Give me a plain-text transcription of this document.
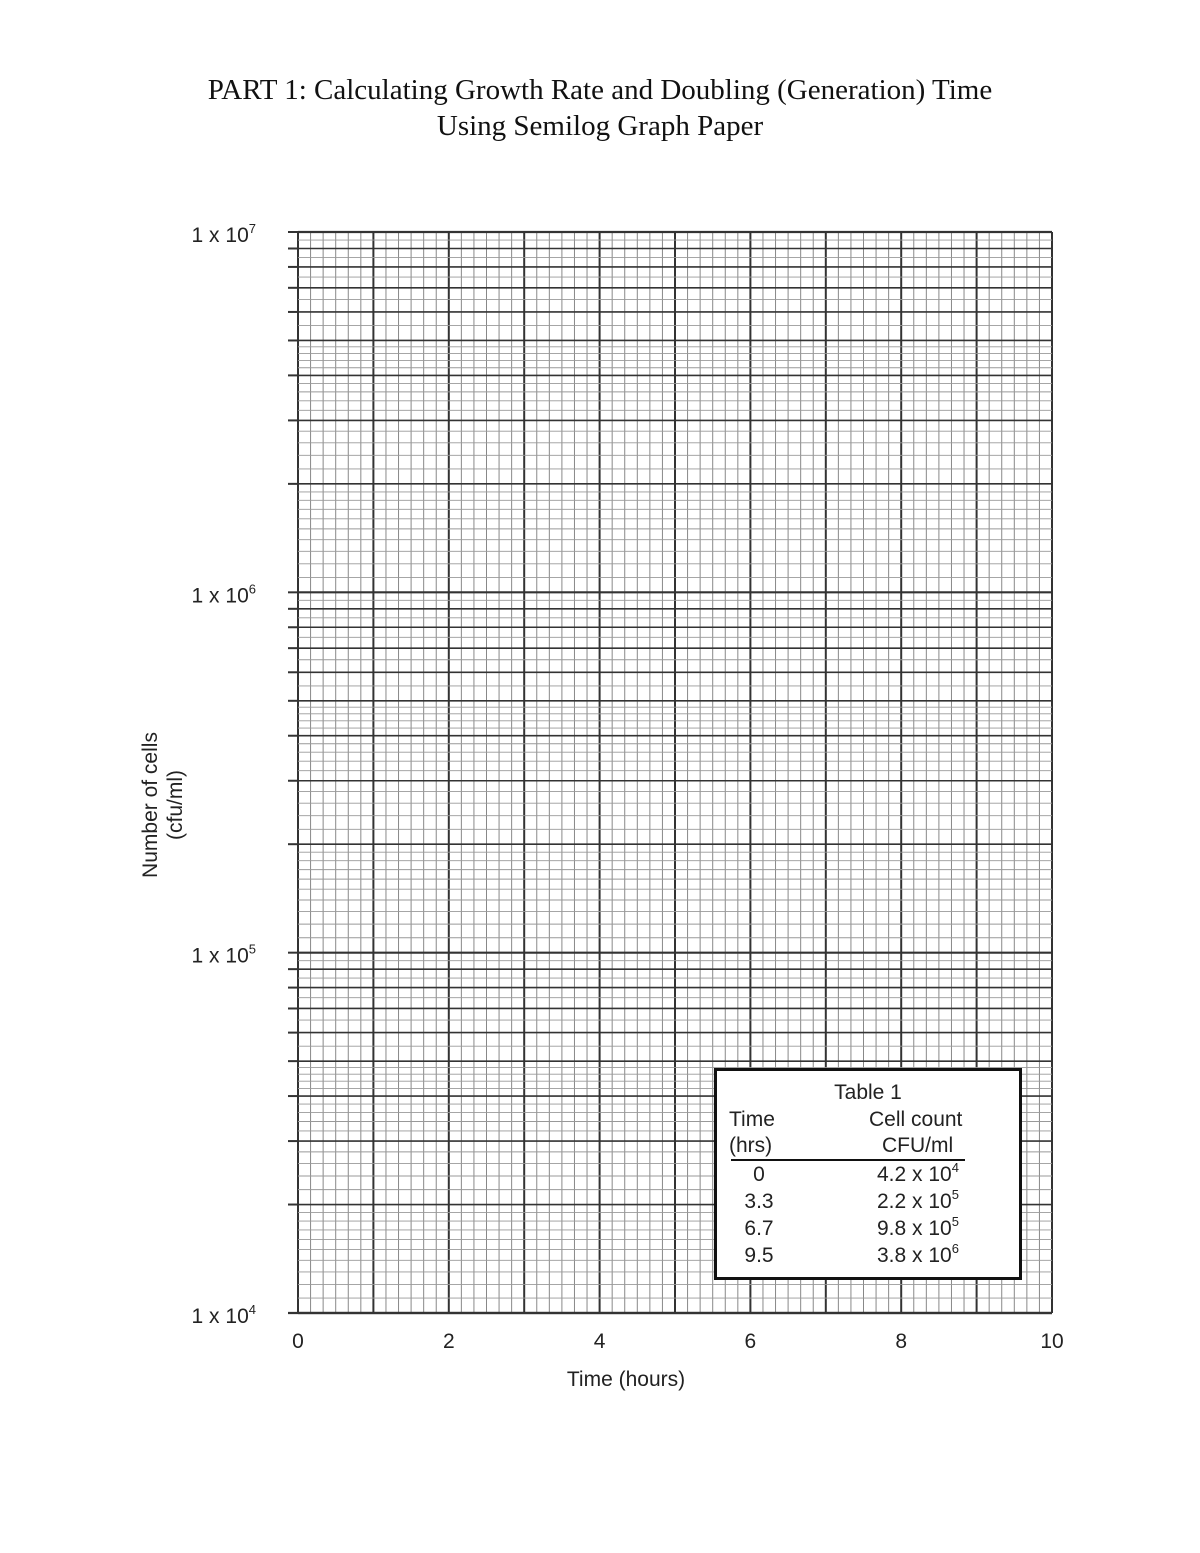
PART 1: Calculating Growth Rate and Doubling (Generation) Time
Using Semilog Graph Paper
0	2	4	6	8	10
1 x $10^7$
1 x $10^6$
1 x $10^5$
1 x $10^4$
Time (hours)
Number of cells (cfu/ml)
Table 1
Time
(hrs)
Cell count
CFU/ml
0	4.2 x $10^4$
3.3	2.2 x $10^5$
6.7	9.8 x $10^5$
9.5	3.8 x $10^6$
